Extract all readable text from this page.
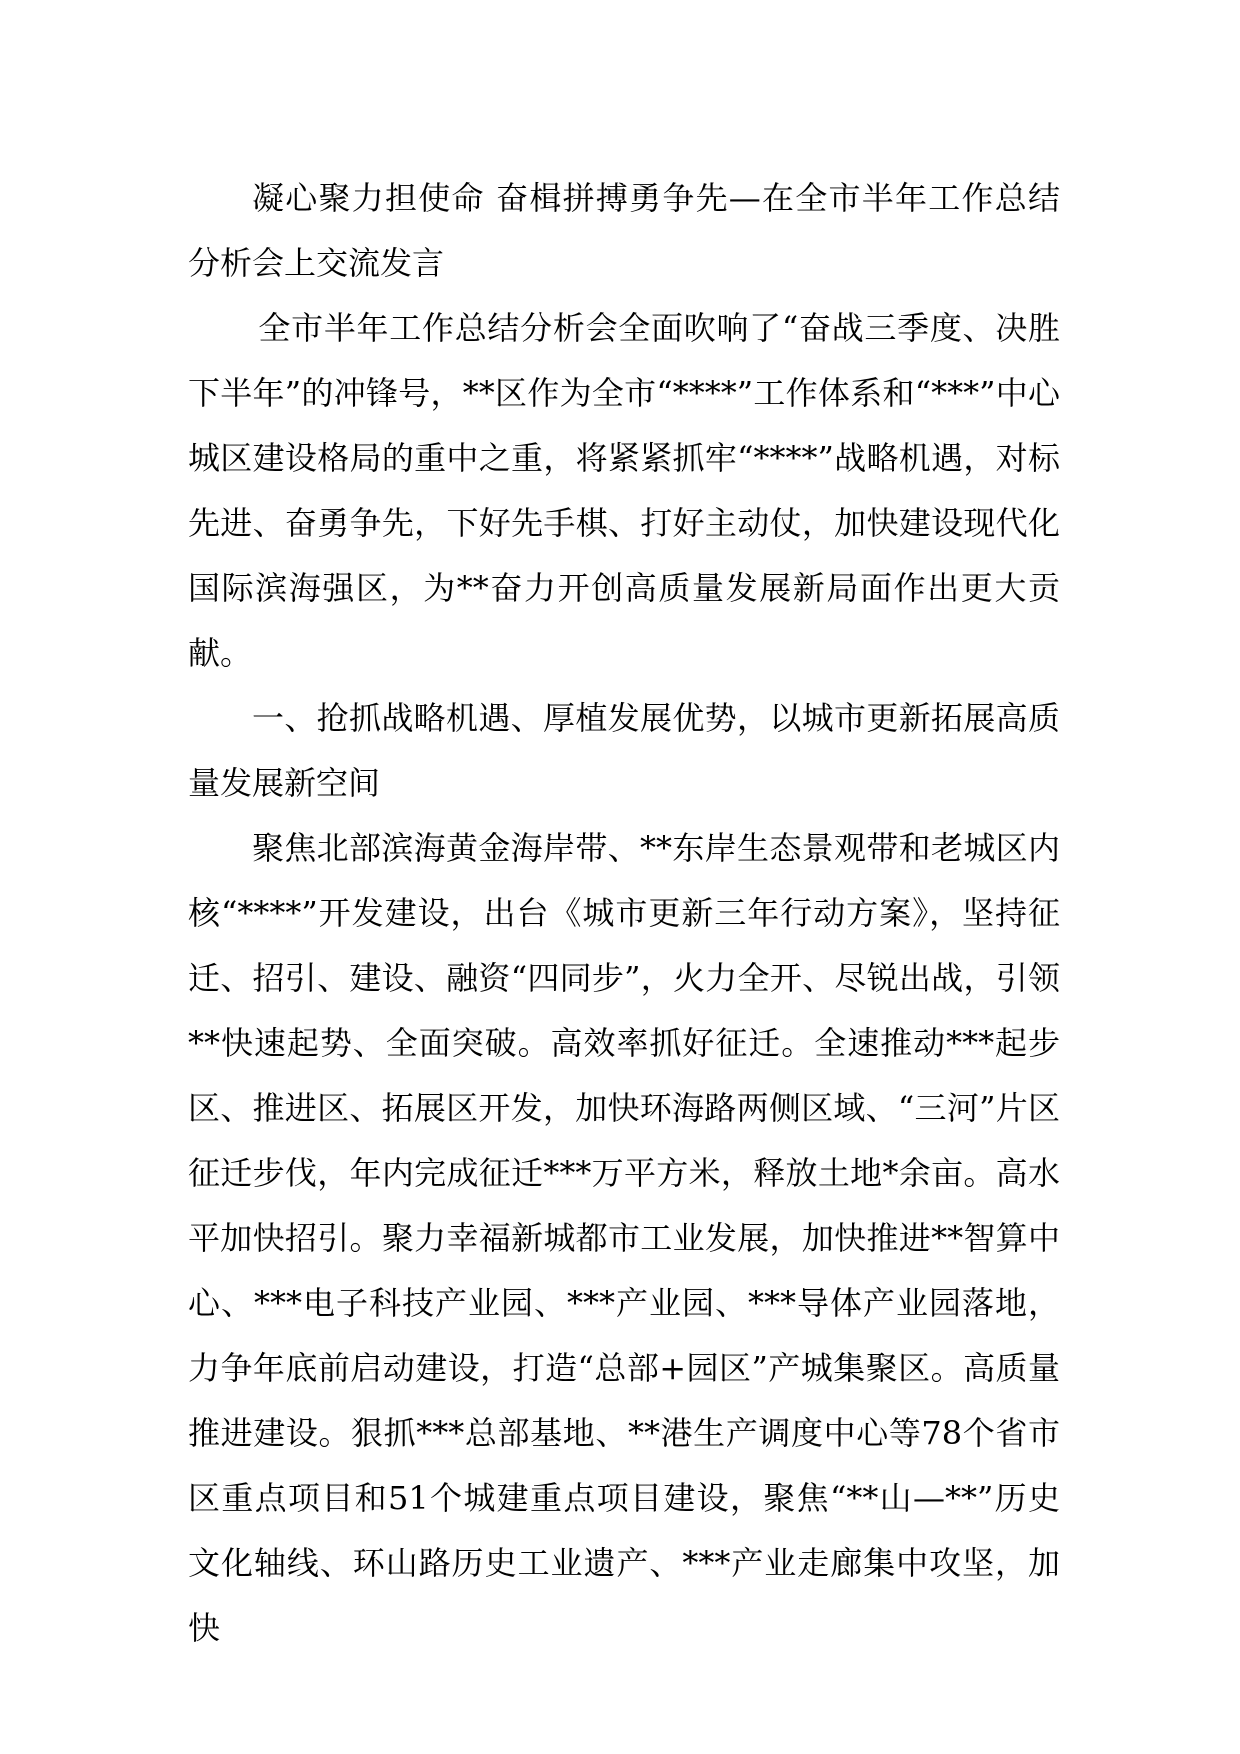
凝心聚力担使命 奋楫拼搏勇争先—在全市半年工作总结分析会上交流发言

全市半年工作总结分析会全面吹响了“奋战三季度、决胜下半年”的冲锋号，**区作为全市“****”工作体系和“***”中心城区建设格局的重中之重，将紧紧抓牢“****”战略机遇，对标先进、奋勇争先，下好先手棋、打好主动仗，加快建设现代化国际滨海强区，为**奋力开创高质量发展新局面作出更大贡献。

一、抢抓战略机遇、厚植发展优势，以城市更新拓展高质量发展新空间

聚焦北部滨海黄金海岸带、**东岸生态景观带和老城区内核“****”开发建设，出台《城市更新三年行动方案》，坚持征迁、招引、建设、融资“四同步”，火力全开、尽锐出战，引领**快速起势、全面突破。高效率抓好征迁。全速推动***起步区、推进区、拓展区开发，加快环海路两侧区域、“三河”片区征迁步伐，年内完成征迁***万平方米，释放土地*余亩。高水平加快招引。聚力幸福新城都市工业发展，加快推进**智算中心、***电子科技产业园、***产业园、***导体产业园落地，力争年底前启动建设，打造“总部+园区”产城集聚区。高质量推进建设。狠抓***总部基地、**港生产调度中心等78个省市区重点项目和51个城建重点项目建设，聚焦“**山—**”历史文化轴线、环山路历史工业遗产、***产业走廊集中攻坚，加快
